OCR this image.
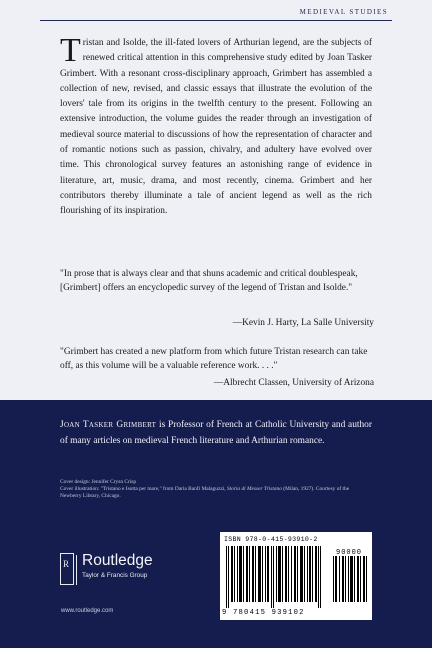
MEDIEVAL STUDIES

Tristan and Isolde, the ill-fated lovers of Arthurian legend, are the subjects of renewed critical attention in this comprehensive study edited by Joan Tasker Grimbert. With a resonant cross-disciplinary approach, Grimbert has assembled a collection of new, revised, and classic essays that illustrate the evolution of the lovers' tale from its origins in the twelfth century to the present. Following an extensive introduction, the volume guides the reader through an investigation of medieval source material to discussions of how the representation of character and of romantic notions such as passion, chivalry, and adultery have evolved over time. This chronological survey features an astonishing range of evidence in literature, art, music, drama, and most recently, cinema. Grimbert and her contributors thereby illuminate a tale of ancient legend as well as the rich flourishing of its inspiration.

"In prose that is always clear and that shuns academic and critical doublespeak, [Grimbert] offers an encyclopedic survey of the legend of Tristan and Isolde."

—Kevin J. Harty, La Salle University

"Grimbert has created a new platform from which future Tristan research can take off, as this volume will be a valuable reference work. . . ."

—Albrecht Classen, University of Arizona

Joan Tasker Grimbert is Professor of French at Catholic University and author of many articles on medieval French literature and Arthurian romance.

Cover design: Jennifer Crysn Crisp
Cover illustration: "Tristano e Isotta per mare," from Daria Banfi Malaguzzi, Storia di Messer Tristano (Milan, 1927). Courtesy of the Newberry Library, Chicago.
R Routledge
Taylor & Francis Group
www.routledge.com
ISBN 978-0-415-93910-2
90000
9 780415 939102
